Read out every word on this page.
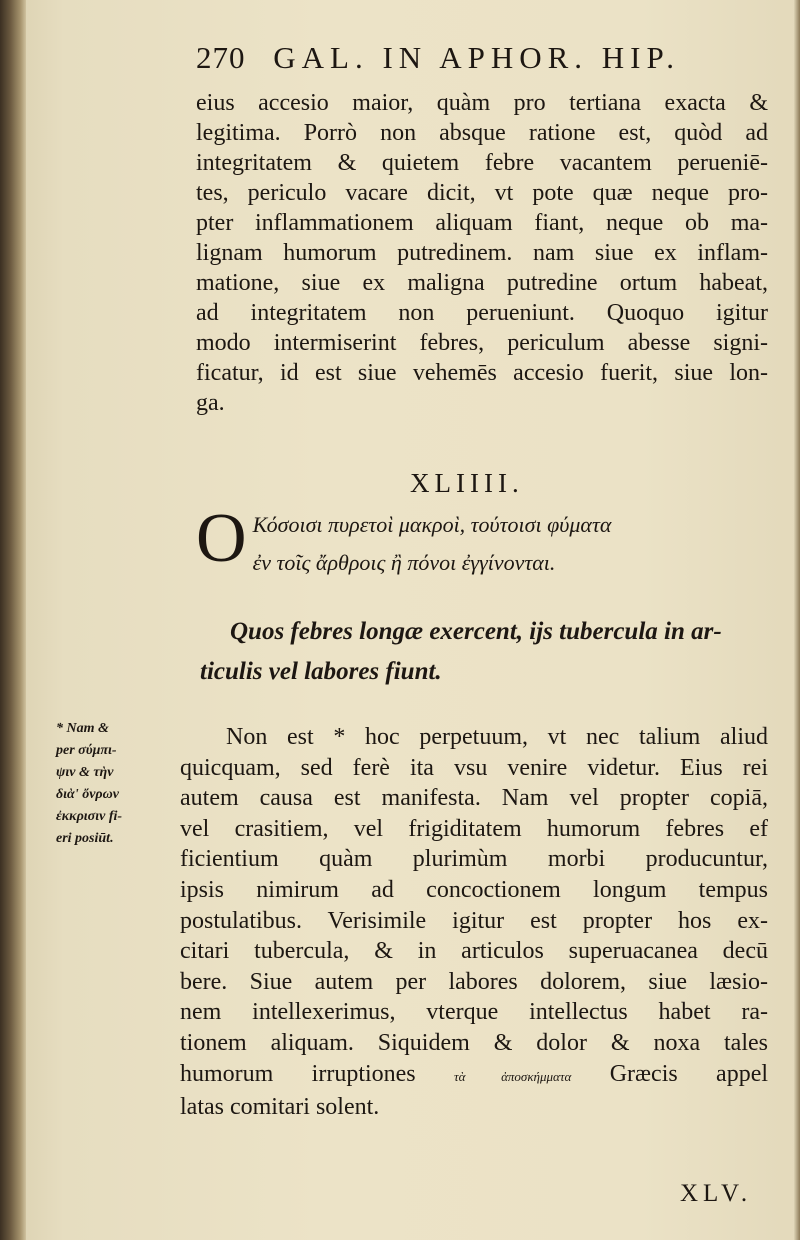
270 GAL. IN APHOR. HIP.
eius accesio maior, quàm pro tertiana exacta &
legitima. Porrò non absque ratione est, quòd ad
integritatem & quietem febre vacantem perueniē-
tes, periculo vacare dicit, vt pote quæ neque pro-
pter inflammationem aliquam fiant, neque ob ma-
lignam humorum putredinem. nam siue ex inflam-
matione, siue ex maligna putredine ortum habeat,
ad integritatem non perueniunt. Quoquo igitur
modo intermiserint febres, periculum abesse signi-
ficatur, id est siue vehemēs accesio fuerit, siue lon-
ga.
XLIIII.
O Κόσοισι πυρετοὶ μακροὶ, τούτοισι φύματα
ἐν τοῖς ἄρθροις ἢ πόνοι ἐγγίνονται.
Quos febres longæ exercent, ijs tubercula in ar-
ticulis vel labores fiunt.
* Nam &
per σύμπι-
ψιν & τὴν
διὰ' ὄνρων
ἐκκρισιν fi-
eri posiūt.
Non est * hoc perpetuum, vt nec talium aliud
quicquam, sed ferè ita vsu venire videtur. Eius rei
autem causa est manifesta. Nam vel propter copiā,
vel crasitiem, vel frigiditatem humorum febres ef
ficientium quàm plurimùm morbi producuntur,
ipsis nimirum ad concoctionem longum tempus
postulatibus. Verisimile igitur est propter hos ex-
citari tubercula, & in articulos superuacanea decū
bere. Siue autem per labores dolorem, siue læsio-
nem intellexerimus, vterque intellectus habet ra-
tionem aliquam. Siquidem & dolor & noxa tales
humorum irruptiones	τὰ ἀποσκήμματα Græcis appel
latas comitari solent.
XLV.
